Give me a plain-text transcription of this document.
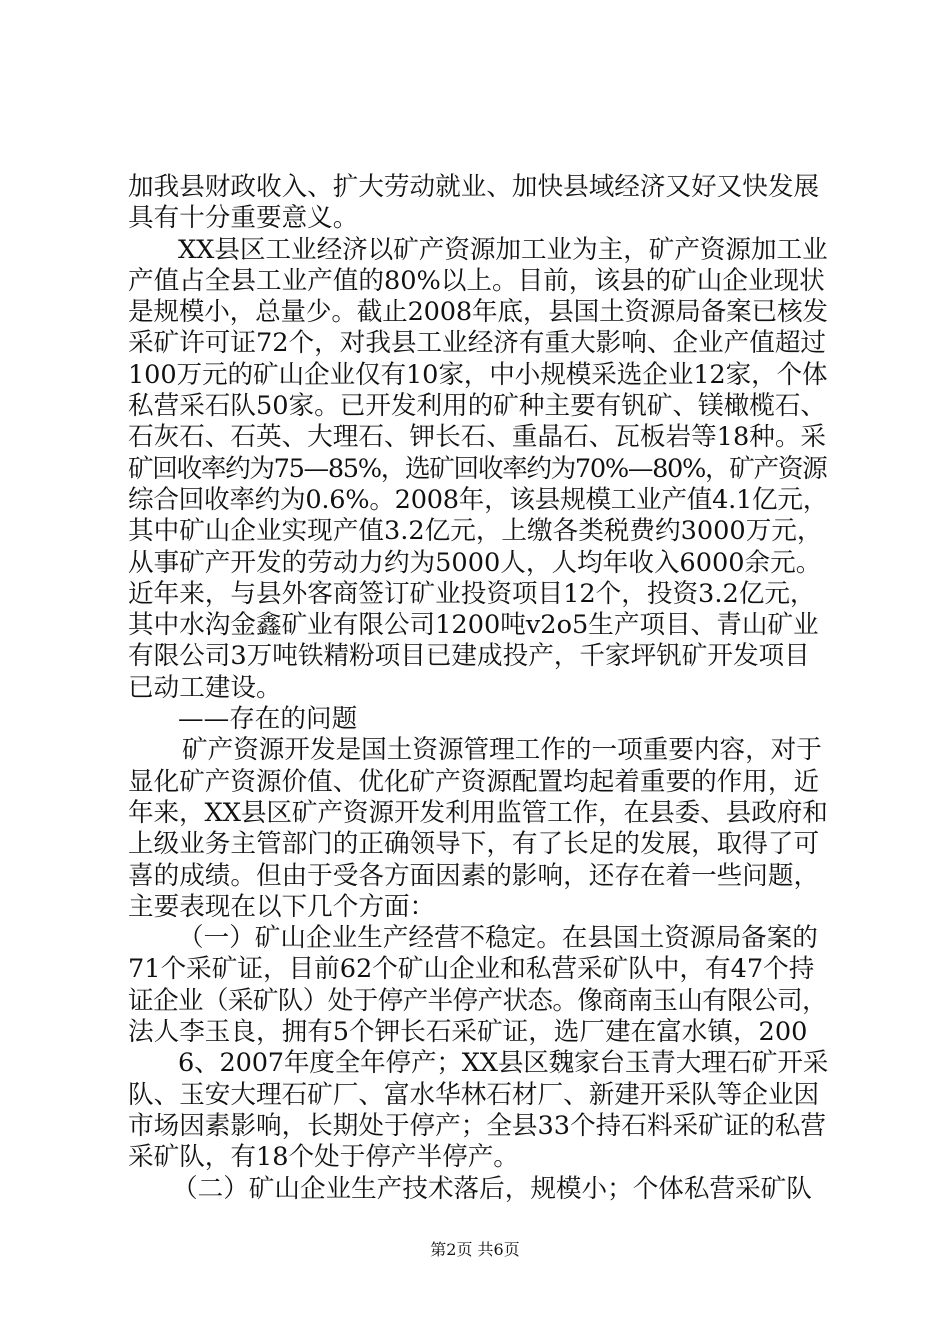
加我县财政收入、扩大劳动就业、加快县域经济又好又快发展
具有十分重要意义。
XX县区工业经济以矿产资源加工业为主，矿产资源加工业
产值占全县工业产值的80%以上。目前，该县的矿山企业现状
是规模小，总量少。截止2008年底，县国土资源局备案已核发
采矿许可证72个，对我县工业经济有重大影响、企业产值超过
100万元的矿山企业仅有10家，中小规模采选企业12家，个体
私营采石队50家。已开发利用的矿种主要有钒矿、镁橄榄石、
石灰石、石英、大理石、钾长石、重晶石、瓦板岩等18种。采
矿回收率约为75—85%，选矿回收率约为70%—80%，矿产资源
综合回收率约为0.6%。2008年，该县规模工业产值4.1亿元，
其中矿山企业实现产值3.2亿元，上缴各类税费约3000万元，
从事矿产开发的劳动力约为5000人，人均年收入6000余元。
近年来，与县外客商签订矿业投资项目12个，投资3.2亿元，
其中水沟金鑫矿业有限公司1200吨v2o5生产项目、青山矿业
有限公司3万吨铁精粉项目已建成投产，千家坪钒矿开发项目
已动工建设。
——存在的问题
矿产资源开发是国土资源管理工作的一项重要内容，对于
显化矿产资源价值、优化矿产资源配置均起着重要的作用，近
年来，XX县区矿产资源开发利用监管工作，在县委、县政府和
上级业务主管部门的正确领导下，有了长足的发展，取得了可
喜的成绩。但由于受各方面因素的影响，还存在着一些问题，
主要表现在以下几个方面：
（一）矿山企业生产经营不稳定。在县国土资源局备案的
71个采矿证，目前62个矿山企业和私营采矿队中，有47个持
证企业（采矿队）处于停产半停产状态。像商南玉山有限公司，
法人李玉良，拥有5个钾长石采矿证，选厂建在富水镇，200
6、2007年度全年停产；XX县区魏家台玉青大理石矿开采
队、玉安大理石矿厂、富水华林石材厂、新建开采队等企业因
市场因素影响，长期处于停产；全县33个持石料采矿证的私营
采矿队，有18个处于停产半停产。
（二）矿山企业生产技术落后，规模小；个体私营采矿队
第2页 共6页
